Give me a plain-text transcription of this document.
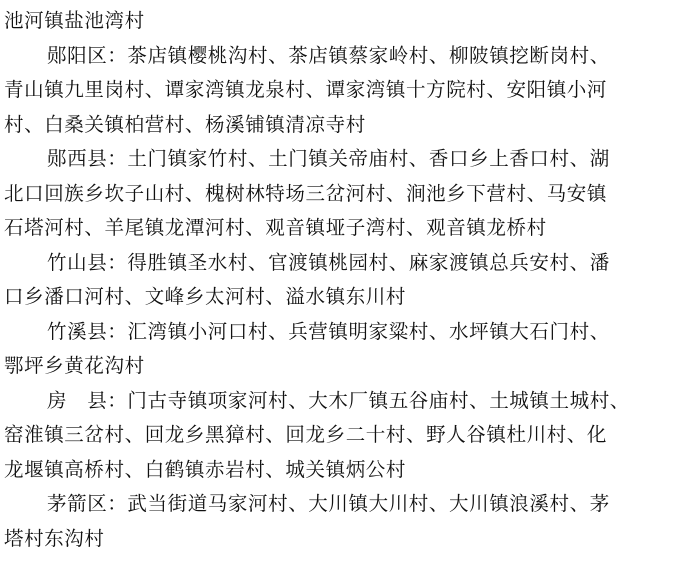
池河镇盐池湾村
郧阳区：茶店镇樱桃沟村、茶店镇蔡家岭村、柳陂镇挖断岗村、
青山镇九里岗村、谭家湾镇龙泉村、谭家湾镇十方院村、安阳镇小河
村、白桑关镇柏营村、杨溪铺镇清凉寺村
郧西县：土门镇家竹村、土门镇关帝庙村、香口乡上香口村、湖
北口回族乡坎子山村、槐树林特场三岔河村、涧池乡下营村、马安镇
石塔河村、羊尾镇龙潭河村、观音镇垭子湾村、观音镇龙桥村
竹山县：得胜镇圣水村、官渡镇桃园村、麻家渡镇总兵安村、潘
口乡潘口河村、文峰乡太河村、溢水镇东川村
竹溪县：汇湾镇小河口村、兵营镇明家粱村、水坪镇大石门村、
鄂坪乡黄花沟村
房　县：门古寺镇项家河村、大木厂镇五谷庙村、土城镇土城村、
窑淮镇三岔村、回龙乡黑獐村、回龙乡二十村、野人谷镇杜川村、化
龙堰镇高桥村、白鹤镇赤岩村、城关镇炳公村
茅箭区：武当街道马家河村、大川镇大川村、大川镇浪溪村、茅
塔村东沟村
